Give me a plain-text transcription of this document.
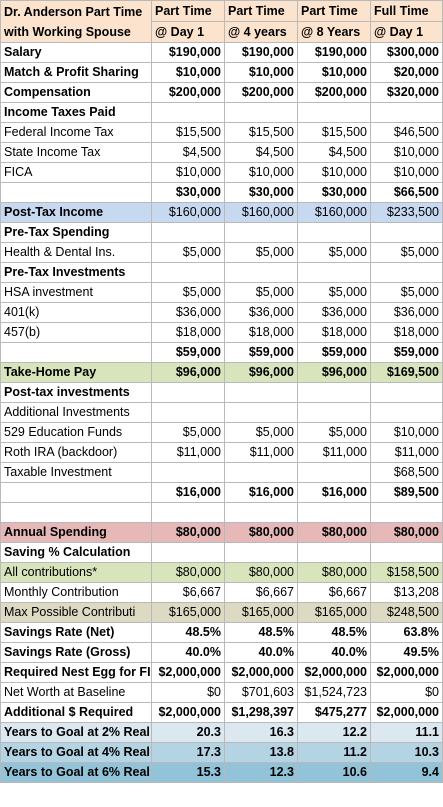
Dr. Anderson Part Time
with Working Spouse	Part Time	Part Time	Part Time	Full Time
	@ Day 1	@ 4 years	@ 8 Years	@ Day 1
Salary	$190,000	$190,000	$190,000	$300,000
Match & Profit Sharing	$10,000	$10,000	$10,000	$20,000
Compensation	$200,000	$200,000	$200,000	$320,000
Income Taxes Paid				
Federal Income Tax	$15,500	$15,500	$15,500	$46,500
State Income Tax	$4,500	$4,500	$4,500	$10,000
FICA	$10,000	$10,000	$10,000	$10,000
	$30,000	$30,000	$30,000	$66,500
Post-Tax Income	$160,000	$160,000	$160,000	$233,500
Pre-Tax Spending				
Health & Dental Ins.	$5,000	$5,000	$5,000	$5,000
Pre-Tax Investments				
HSA investment	$5,000	$5,000	$5,000	$5,000
401(k)	$36,000	$36,000	$36,000	$36,000
457(b)	$18,000	$18,000	$18,000	$18,000
	$59,000	$59,000	$59,000	$59,000
Take-Home Pay	$96,000	$96,000	$96,000	$169,500
Post-tax investments				
Additional Investments				
529 Education Funds	$5,000	$5,000	$5,000	$10,000
Roth IRA (backdoor)	$11,000	$11,000	$11,000	$11,000
Taxable Investment				$68,500
	$16,000	$16,000	$16,000	$89,500

Annual Spending	$80,000	$80,000	$80,000	$80,000
Saving % Calculation				
All contributions*	$80,000	$80,000	$80,000	$158,500
Monthly Contribution	$6,667	$6,667	$6,667	$13,208
Max Possible Contributi	$165,000	$165,000	$165,000	$248,500
Savings Rate (Net)	48.5%	48.5%	48.5%	63.8%
Savings Rate (Gross)	40.0%	40.0%	40.0%	49.5%
Required Nest Egg for FI	$2,000,000	$2,000,000	$2,000,000	$2,000,000
Net Worth at Baseline	$0	$701,603	$1,524,723	$0
Additional $ Required	$2,000,000	$1,298,397	$475,277	$2,000,000
Years to Goal at 2% Real	20.3	16.3	12.2	11.1
Years to Goal at 4% Real	17.3	13.8	11.2	10.3
Years to Goal at 6% Real	15.3	12.3	10.6	9.4
